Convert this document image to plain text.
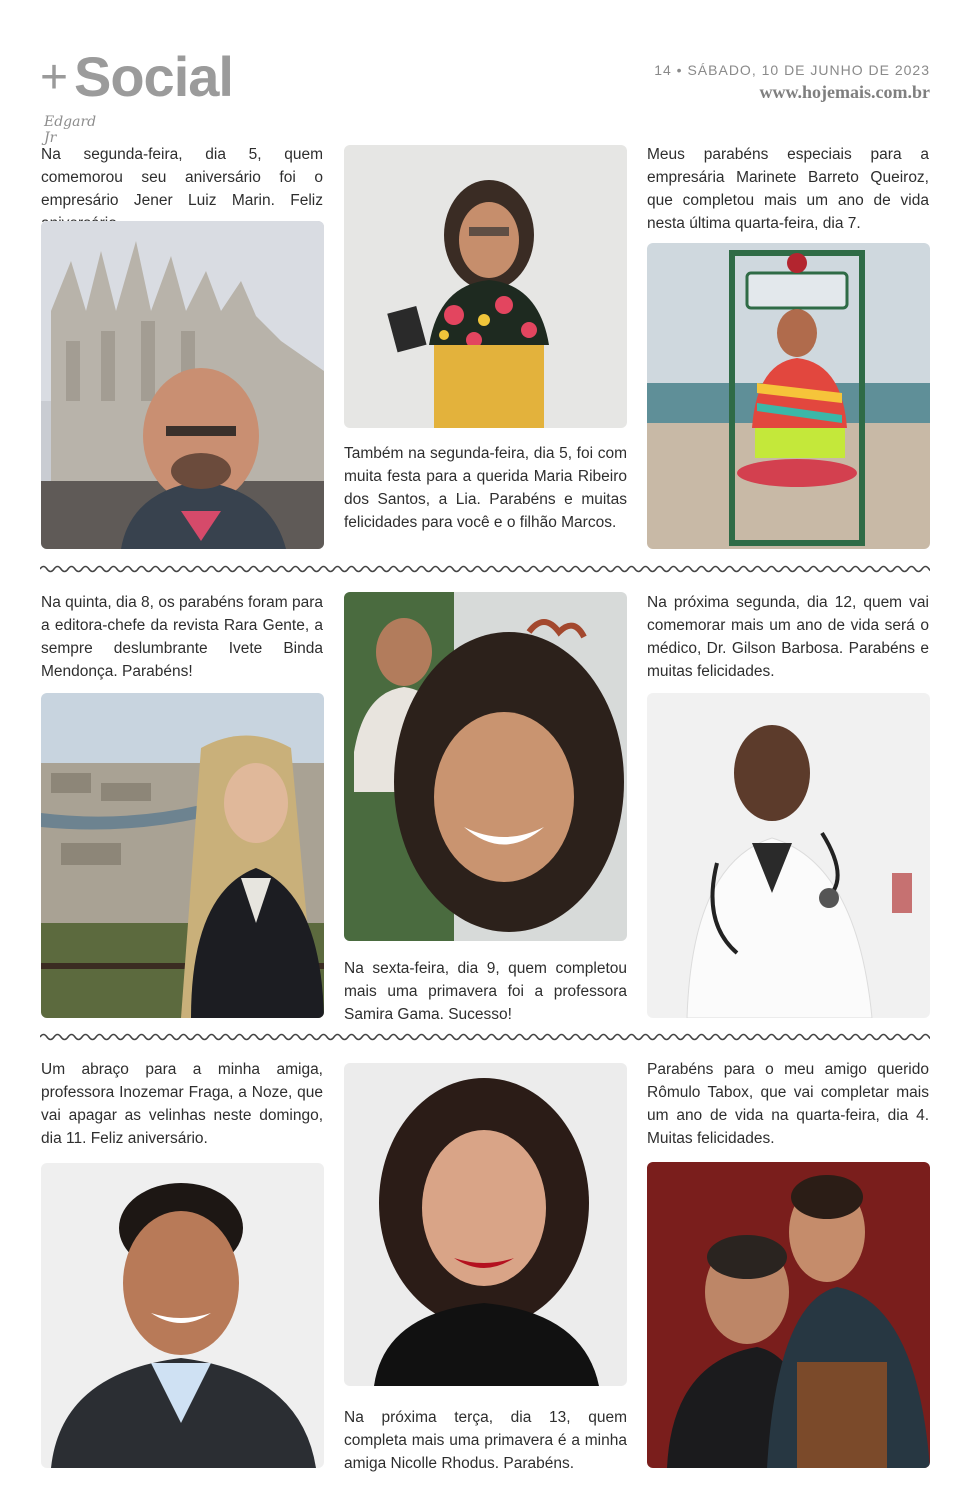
+ Social
Edgard Jr
14 • SÁBADO, 10 DE JUNHO DE 2023
www.hojemais.com.br
Na segunda-feira, dia 5, quem comemorou seu aniversário foi o empresário Jener Luiz Marin. Feliz
Também na segunda-feira, dia 5, foi com muita festa para a querida Maria Ribeiro dos Santos, a Lia. Parabéns e muitas felicidades para você e o filhão Marcos.
Meus parabéns especiais para a empresária Marinete Barreto Queiroz, que completou mais um ano de vida nesta última quarta-feira, dia 7.
Na quinta, dia 8, os parabéns foram para a editora-chefe da revista Rara Gente, a sempre deslumbrante Ivete Binda Mendonça. Parabéns!
Na sexta-feira, dia 9, quem completou mais uma primavera foi a professora Samira Gama. Sucesso!
Na próxima segunda, dia 12, quem vai comemorar mais um ano de vida será o médico, Dr. Gilson Barbosa. Parabéns e muitas felicidades.
Um abraço para a minha amiga, professora Inozemar Fraga, a Noze, que vai apagar as velinhas neste domingo, dia 11. Feliz aniversário.
Na próxima terça, dia 13, quem completa mais uma primavera é a minha amiga Nicolle Rhodus. Parabéns.
Parabéns para o meu amigo querido Rômulo Tabox, que vai completar mais um ano de vida na quarta-feira, dia 4. Muitas felicidades.
